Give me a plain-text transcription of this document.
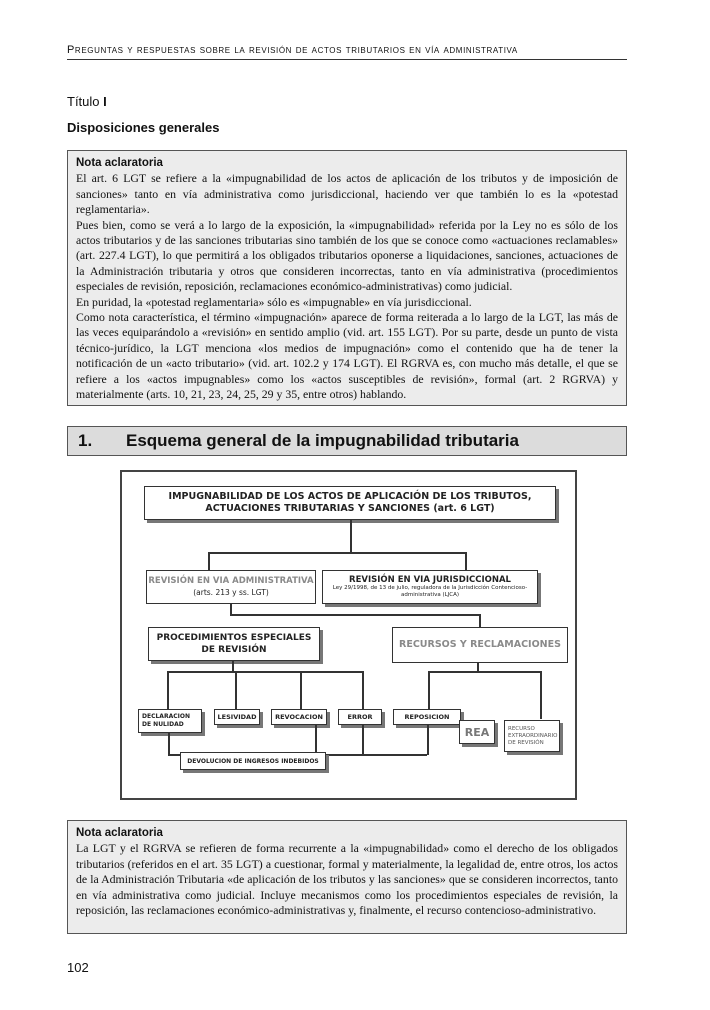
Preguntas y respuestas sobre la revisión de actos tributarios en vía administrativa
Título I
Disposiciones generales
Nota aclaratoria

El art. 6 LGT se refiere a la «impugnabilidad de los actos de aplicación de los tributos y de imposición de sanciones» tanto en vía administrativa como jurisdiccional, haciendo ver que también lo es la «potestad reglamentaria».

Pues bien, como se verá a lo largo de la exposición, la «impugnabilidad» referida por la Ley no es sólo de los actos tributarios y de las sanciones tributarias sino también de los que se conoce como «actuaciones reclamables» (art. 227.4 LGT), lo que permitirá a los obligados tributarios oponerse a liquidaciones, sanciones, actuaciones de la Administración tributaria y otros que consideren incorrectas, tanto en vía administrativa (procedimientos especiales de revisión, reposición, reclamaciones económico-administrativas) como judicial.

En puridad, la «potestad reglamentaria» sólo es «impugnable» en vía jurisdiccional.

Como nota característica, el término «impugnación» aparece de forma reiterada a lo largo de la LGT, las más de las veces equiparándolo a «revisión» en sentido amplio (vid. art. 155 LGT). Por su parte, desde un punto de vista técnico-jurídico, la LGT menciona «los medios de impugnación» como el contenido que ha de tener la notificación de un «acto tributario» (vid. art. 102.2 y 174 LGT). El RGRVA es, con mucho más detalle, el que se refiere a los «actos impugnables» como los «actos susceptibles de revisión», formal (art. 2 RGRVA) y materialmente (arts. 10, 21, 23, 24, 25, 29 y 35, entre otros) hablando.

1.	Esquema general de la impugnabilidad tributaria
IMPUGNABILIDAD DE LOS ACTOS DE APLICACIÓN DE LOS TRIBUTOS, ACTUACIONES TRIBUTARIAS Y SANCIONES (art. 6 LGT)
REVISIÓN EN VIA ADMINISTRATIVA
(arts. 213 y ss. LGT)
REVISIÓN EN VIA JURISDICCIONAL
Ley 29/1998, de 13 de julio, reguladora de la Jurisdicción Contencioso-administrativa (LJCA)
PROCEDIMIENTOS ESPECIALES DE REVISIÓN	RECURSOS Y RECLAMACIONES
DECLARACION DE NULIDAD
LESIVIDAD	REVOCACION	ERROR	REPOSICION
REA	RECURSO EXTRAORDINARIO DE REVISIÓN
DEVOLUCION DE INGRESOS INDEBIDOS
Nota aclaratoria

La LGT y el RGRVA se refieren de forma recurrente a la «impugnabilidad» como el derecho de los obligados tributarios (referidos en el art. 35 LGT) a cuestionar, formal y materialmente, la legalidad de, entre otros, los actos de la Administración Tributaria «de aplicación de los tributos y las sanciones» que se consideren incorrectos, tanto en vía administrativa como judicial. Incluye mecanismos como los procedimientos especiales de revisión, la reposición, las reclamaciones económico-administrativas y, finalmente, el recurso contencioso-administrativo.

102
